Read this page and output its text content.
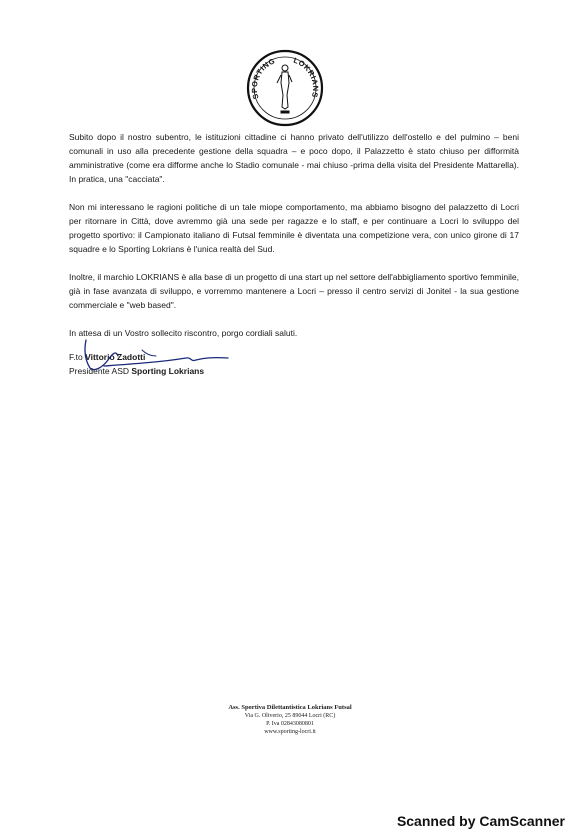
SPORTING LOKRIANS

Subito dopo il nostro subentro, le istituzioni cittadine ci hanno privato dell'utilizzo dell'ostello e del pulmino – beni comunali in uso alla precedente gestione della squadra – e poco dopo, il Palazzetto è stato chiuso per difformità amministrative (come era difforme anche lo Stadio comunale - mai chiuso -prima della visita del Presidente Mattarella). In pratica, una "cacciata".

Non mi interessano le ragioni politiche di un tale miope comportamento, ma abbiamo bisogno del palazzetto di Locri per ritornare in Città, dove avremmo già una sede per ragazze e lo staff, e per continuare a Locri lo sviluppo del progetto sportivo: il Campionato italiano di Futsal femminile è diventata una competizione vera, con unico girone di 17 squadre e lo Sporting Lokrians è l'unica realtà del Sud.

Inoltre, il marchio LOKRIANS è alla base di un progetto di una start up nel settore dell'abbigliamento sportivo femminile, già in fase avanzata di sviluppo, e vorremmo mantenere a Locri – presso il centro servizi di Jonitel - la sua gestione commerciale e "web based".

In attesa di un Vostro sollecito riscontro, porgo cordiali saluti.

F.to Vittorio Zadotti

Presidente ASD Sporting Lokrians

Ass. Sportiva Dilettantistica Lokrians Futsal
Via G. Oliverio, 25 89044 Locri (RC)
P. Iva 02843080801
www.sporting-locri.it
Scanned by CamScanner
